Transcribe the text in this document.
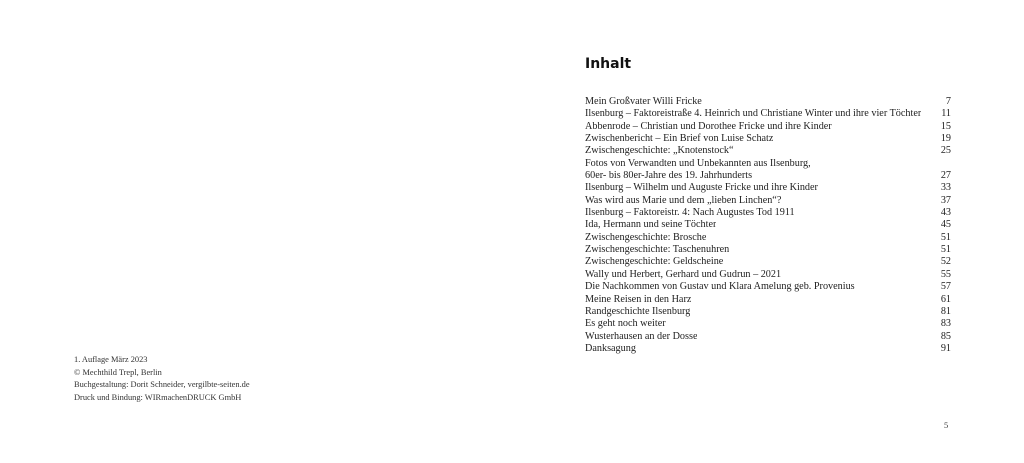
1. Auflage März 2023
© Mechthild Trepl, Berlin
Buchgestaltung: Dorit Schneider, vergilbte-seiten.de
Druck und Bindung: WIRmachenDRUCK GmbH
Inhalt
Mein Großvater Willi Fricke	7
Ilsenburg – Faktoreistraße 4. Heinrich und Christiane Winter und ihre vier Töchter	11
Abbenrode – Christian und Dorothee Fricke und ihre Kinder	15
Zwischenbericht – Ein Brief von Luise Schatz	19
Zwischengeschichte: „Knotenstock“	25
Fotos von Verwandten und Unbekannten aus Ilsenburg,
60er- bis 80er-Jahre des 19. Jahrhunderts	27
Ilsenburg – Wilhelm und Auguste Fricke und ihre Kinder	33
Was wird aus Marie und dem „lieben Linchen“?	37
Ilsenburg – Faktoreistr. 4: Nach Augustes Tod 1911	43
Ida, Hermann und seine Töchter	45
Zwischengeschichte: Brosche	51
Zwischengeschichte: Taschenuhren	51
Zwischengeschichte: Geldscheine	52
Wally und Herbert, Gerhard und Gudrun – 2021	55
Die Nachkommen von Gustav und Klara Amelung geb. Provenius	57
Meine Reisen in den Harz	61
Randgeschichte Ilsenburg	81
Es geht noch weiter	83
Wusterhausen an der Dosse	85
Danksagung	91
5
